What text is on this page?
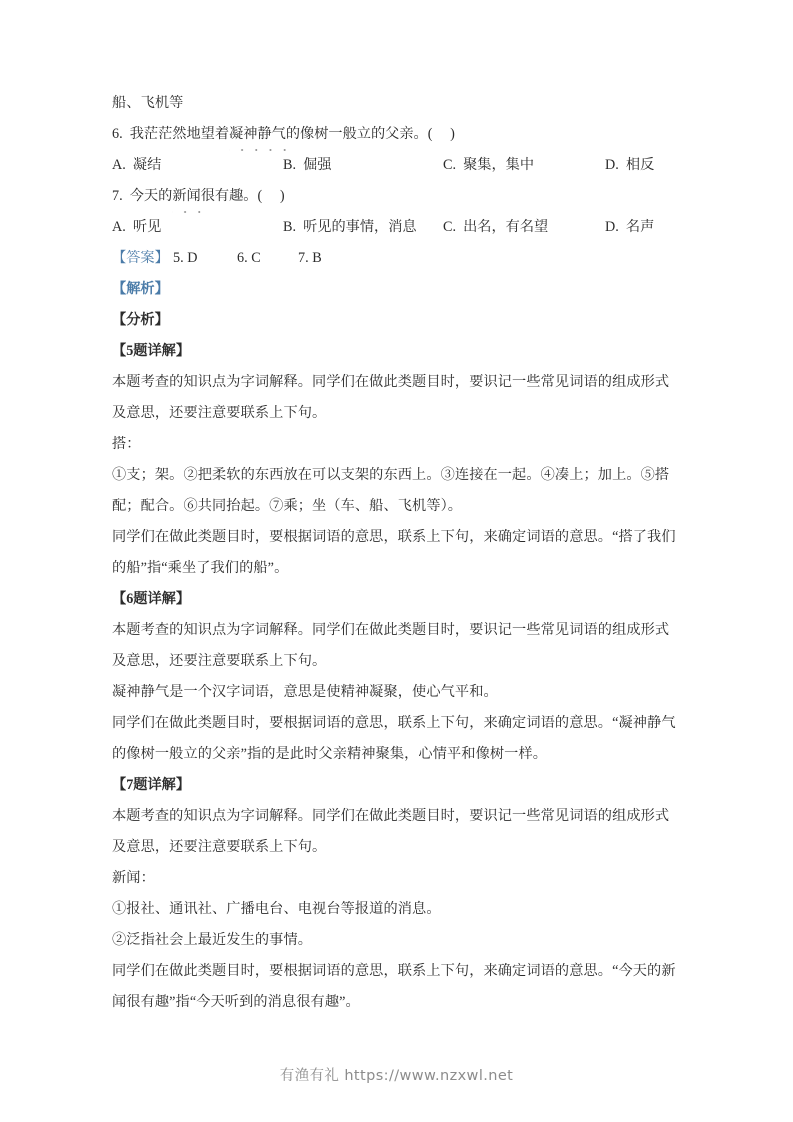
船、飞机等
6. 我茫茫然地望着凝神静气的像树一般立的父亲。( )
A. 凝结	B. 倔强	C. 聚集，集中	D. 相反
7. 今天的新闻很有趣。( )
A. 听见	B. 听见的事情，消息 C. 出名，有名望	D. 名声
【答案】 5. D	6. C	7. B
【解析】
【分析】
【5题详解】
本题考查的知识点为字词解释。同学们在做此类题目时，要识记一些常见词语的组成形式及意思，还要注意要联系上下句。
搭：
①支；架。②把柔软的东西放在可以支架的东西上。③连接在一起。④凑上；加上。⑤搭配；配合。⑥共同抬起。⑦乘；坐（车、船、飞机等）。
同学们在做此类题目时，要根据词语的意思，联系上下句，来确定词语的意思。“搭了我们的船”指“乘坐了我们的船”。
【6题详解】
本题考查的知识点为字词解释。同学们在做此类题目时，要识记一些常见词语的组成形式及意思，还要注意要联系上下句。
凝神静气是一个汉字词语，意思是使精神凝聚，使心气平和。
同学们在做此类题目时，要根据词语的意思，联系上下句，来确定词语的意思。“凝神静气的像树一般立的父亲”指的是此时父亲精神聚集，心情平和像树一样。
【7题详解】
本题考查的知识点为字词解释。同学们在做此类题目时，要识记一些常见词语的组成形式及意思，还要注意要联系上下句。
新闻：
①报社、通讯社、广播电台、电视台等报道的消息。
②泛指社会上最近发生的事情。
同学们在做此类题目时，要根据词语的意思，联系上下句，来确定词语的意思。“今天的新闻很有趣”指“今天听到的消息很有趣”。
有渔有礼 https://www.nzxwl.net
